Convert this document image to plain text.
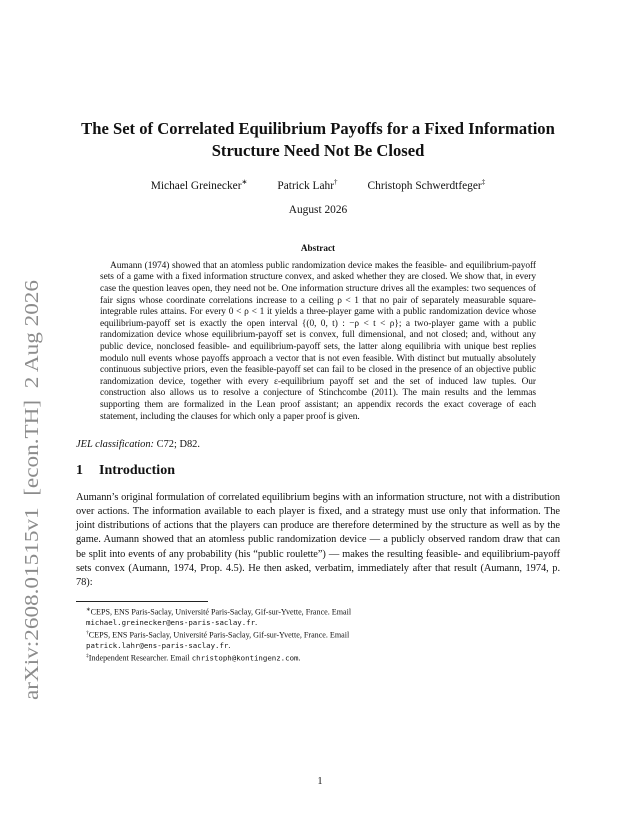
arXiv:2608.01515v1  [econ.TH]  2 Aug 2026
The Set of Correlated Equilibrium Payoffs for a Fixed Information
Structure Need Not Be Closed
Michael Greinecker∗	Patrick Lahr†	Christoph Schwerdtfeger‡
August 2026
Abstract

Aumann (1974) showed that an atomless public randomization device makes the feasible- and equilibrium-payoff sets of a game with a fixed information structure convex, and asked whether they are closed. We show that, in every case the question leaves open, they need not be. One information structure drives all the examples: two sequences of fair signs whose coordinate correlations increase to a ceiling ρ < 1 that no pair of separately measurable square-integrable rules attains. For every 0 < ρ < 1 it yields a three-player game with a public randomization device whose equilibrium-payoff set is exactly the open interval {(0, 0, t) : −ρ < t < ρ}; a two-player game with a public randomization device whose equilibrium-payoff set is convex, full dimensional, and not closed; and, without any public device, nonclosed feasible- and equilibrium-payoff sets, the latter along equilibria with unique best replies modulo null events whose payoffs approach a vector that is not even feasible. With distinct but mutually absolutely continuous subjective priors, even the feasible-payoff set can fail to be closed in the presence of an objective public randomization device, together with every ε-equilibrium payoff set and the set of induced law tuples. Our construction also allows us to resolve a conjecture of Stinchcombe (2011). The main results and the lemmas supporting them are formalized in the Lean proof assistant; an appendix records the exact coverage of each statement, including the clauses for which only a paper proof is given.

JEL classification: C72; D82.
1 Introduction

Aumann’s original formulation of correlated equilibrium begins with an information structure, not with a distribution over actions. The information available to each player is fixed, and a strategy must use only that information. The joint distributions of actions that the players can produce are therefore determined by the structure as well as by the game. Aumann showed that an atomless public randomization device — a publicly observed random draw that can be split into events of any probability (his “public roulette”) — makes the resulting feasible- and equilibrium-payoff sets convex (Aumann, 1974, Prop. 4.5). He then asked, verbatim, immediately after that result (Aumann, 1974, p. 78):

∗CEPS, ENS Paris-Saclay, Université Paris-Saclay, Gif-sur-Yvette, France. Email
michael.greinecker@ens-paris-saclay.fr.
†CEPS, ENS Paris-Saclay, Université Paris-Saclay, Gif-sur-Yvette, France. Email
patrick.lahr@ens-paris-saclay.fr.
‡Independent Researcher. Email christoph@kontingenz.com.
1
